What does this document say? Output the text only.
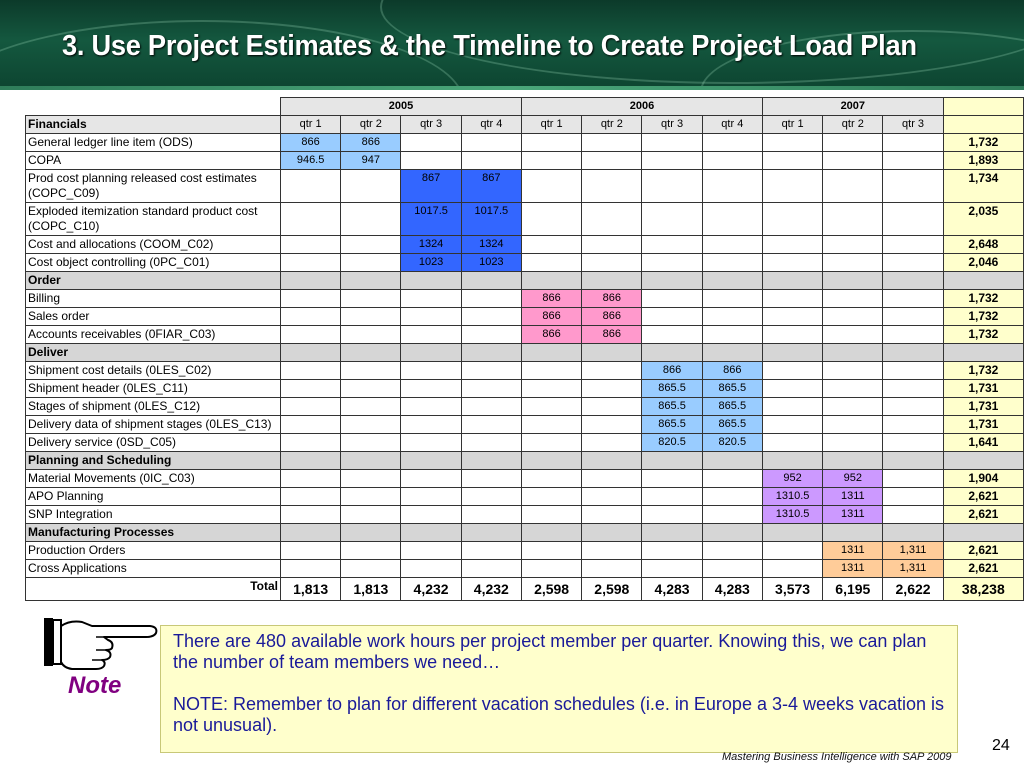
3. Use Project Estimates & the Timeline to Create Project Load Plan
	2005				2006				2007			
Financials	qtr 1	qtr 2	qtr 3	qtr 4	qtr 1	qtr 2	qtr 3	qtr 4	qtr 1	qtr 2	qtr 3	
General ledger line item (ODS)	866	866										1,732
COPA	946.5	947										1,893
Prod cost planning released cost estimates (COPC_C09)			867	867								1,734
Exploded itemization standard product cost (COPC_C10)			1017.5	1017.5								2,035
Cost and allocations (COOM_C02)			1324	1324								2,648
Cost object controlling (0PC_C01)			1023	1023								2,046
Order												
Billing					866	866						1,732
Sales order					866	866						1,732
Accounts receivables (0FIAR_C03)					866	866						1,732
Deliver												
Shipment cost details (0LES_C02)							866	866				1,732
Shipment header (0LES_C11)							865.5	865.5				1,731
Stages of shipment (0LES_C12)							865.5	865.5				1,731
Delivery data of shipment stages (0LES_C13)							865.5	865.5				1,731
Delivery service (0SD_C05)							820.5	820.5				1,641
Planning and Scheduling												
Material Movements (0IC_C03)									952	952		1,904
APO Planning									1310.5	1311		2,621
SNP Integration									1310.5	1311		2,621
Manufacturing Processes												
Production Orders										1311	1,311	2,621
Cross Applications										1311	1,311	2,621
Total	1,813	1,813	4,232	4,232	2,598	2,598	4,283	4,283	3,573	6,195	2,622	38,238
Note

There are 480 available work hours per project member per quarter. Knowing this, we can plan the number of team members we need…

NOTE: Remember to plan for different vacation schedules (i.e. in Europe a 3-4 weeks vacation is not unusual).

Mastering Business Intelligence with SAP 2009
24
